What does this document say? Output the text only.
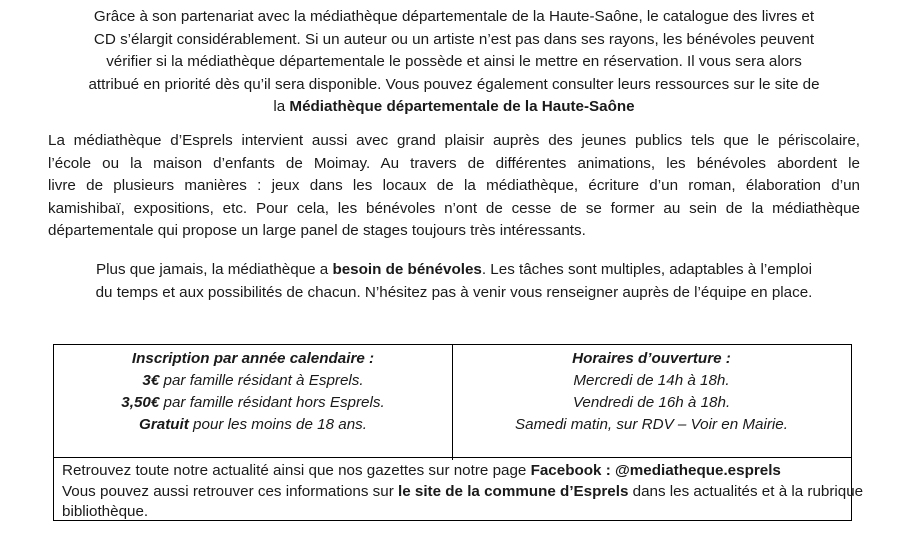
Grâce à son partenariat avec la médiathèque départementale de la Haute-Saône, le catalogue des livres et
CD s’élargit considérablement. Si un auteur ou un artiste n’est pas dans ses rayons, les bénévoles peuvent
vérifier si la médiathèque départementale le possède et ainsi le mettre en réservation. Il vous sera alors
attribué en priorité dès qu’il sera disponible. Vous pouvez également consulter leurs ressources sur le site de
la Médiathèque départementale de la Haute-Saône

La médiathèque d’Esprels intervient aussi avec grand plaisir auprès des jeunes publics tels que le périscolaire,
l’école ou la maison d’enfants de Moimay. Au travers de différentes animations, les bénévoles abordent le
livre de plusieurs manières : jeux dans les locaux de la médiathèque, écriture d’un roman, élaboration d’un
kamishibaï, expositions, etc. Pour cela, les bénévoles n’ont de cesse de se former au sein de la médiathèque
départementale qui propose un large panel de stages toujours très intéressants.

Plus que jamais, la médiathèque a besoin de bénévoles. Les tâches sont multiples, adaptables à l’emploi
du temps et aux possibilités de chacun. N’hésitez pas à venir vous renseigner auprès de l’équipe en place.

Inscription par année calendaire :
3€ par famille résidant à Esprels.
3,50€ par famille résidant hors Esprels.
Gratuit pour les moins de 18 ans.
Horaires d’ouverture :
Mercredi de 14h à 18h.
Vendredi de 16h à 18h.
Samedi matin, sur RDV – Voir en Mairie.
Retrouvez toute notre actualité ainsi que nos gazettes sur notre page Facebook : @mediatheque.esprels
Vous pouvez aussi retrouver ces informations sur le site de la commune d’Esprels dans les actualités et à la rubrique
bibliothèque.
